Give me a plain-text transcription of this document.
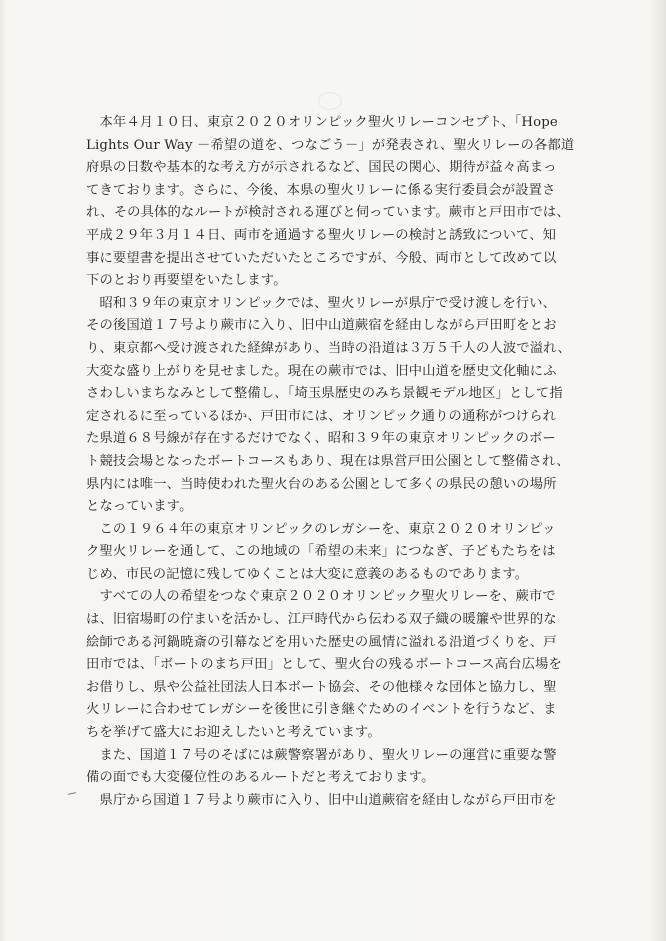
　本年４月１０日、東京２０２０オリンピック聖火リレーコンセプト、「Hope
Lights Our Way －希望の道を、つなごう－」が発表され、聖火リレーの各都道
府県の日数や基本的な考え方が示されるなど、国民の関心、期待が益々高まっ
てきております。さらに、今後、本県の聖火リレーに係る実行委員会が設置さ
れ、その具体的なルートが検討される運びと伺っています。蕨市と戸田市では、
平成２９年３月１４日、両市を通過する聖火リレーの検討と誘致について、知
事に要望書を提出させていただいたところですが、今般、両市として改めて以
下のとおり再要望をいたします。
　昭和３９年の東京オリンピックでは、聖火リレーが県庁で受け渡しを行い、
その後国道１７号より蕨市に入り、旧中山道蕨宿を経由しながら戸田町をとお
り、東京都へ受け渡された経緯があり、当時の沿道は３万５千人の人波で溢れ、
大変な盛り上がりを見せました。現在の蕨市では、旧中山道を歴史文化軸にふ
さわしいまちなみとして整備し、「埼玉県歴史のみち景観モデル地区」として指
定されるに至っているほか、戸田市には、オリンピック通りの通称がつけられ
た県道６８号線が存在するだけでなく、昭和３９年の東京オリンピックのボー
ト競技会場となったボートコースもあり、現在は県営戸田公園として整備され、
県内には唯一、当時使われた聖火台のある公園として多くの県民の憩いの場所
となっています。
　この１９６４年の東京オリンピックのレガシーを、東京２０２０オリンピッ
ク聖火リレーを通して、この地域の「希望の未来」につなぎ、子どもたちをは
じめ、市民の記憶に残してゆくことは大変に意義のあるものであります。
　すべての人の希望をつなぐ東京２０２０オリンピック聖火リレーを、蕨市で
は、旧宿場町の佇まいを活かし、江戸時代から伝わる双子織の暖簾や世界的な
絵師である河鍋暁斎の引幕などを用いた歴史の風情に溢れる沿道づくりを、戸
田市では、「ボートのまち戸田」として、聖火台の残るボートコース高台広場を
お借りし、県や公益社団法人日本ボート協会、その他様々な団体と協力し、聖
火リレーに合わせてレガシーを後世に引き継ぐためのイベントを行うなど、ま
ちを挙げて盛大にお迎えしたいと考えています。
　また、国道１７号のそばには蕨警察署があり、聖火リレーの運営に重要な警
備の面でも大変優位性のあるルートだと考えております。
　県庁から国道１７号より蕨市に入り、旧中山道蕨宿を経由しながら戸田市を
